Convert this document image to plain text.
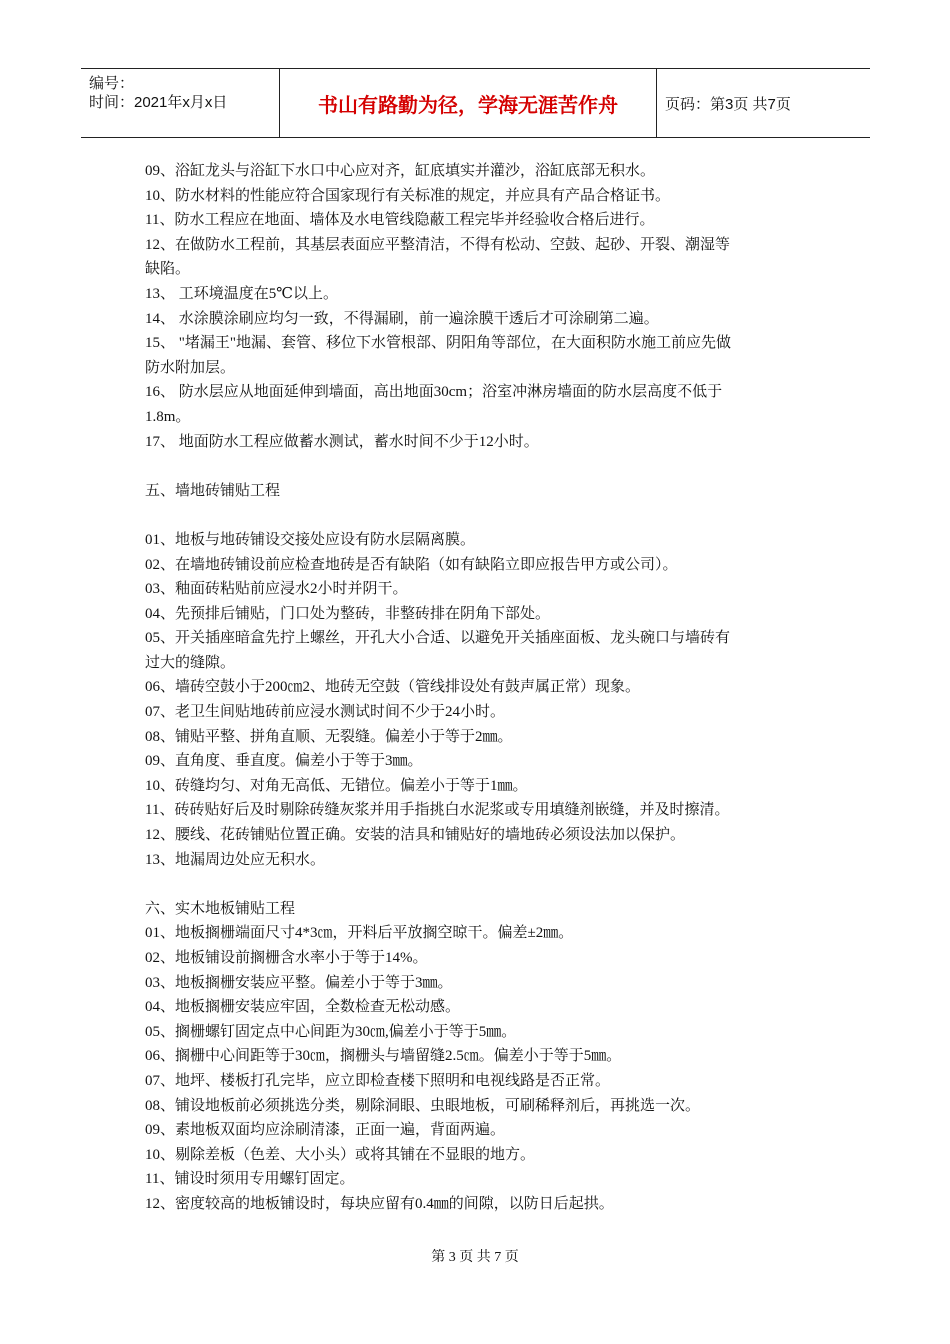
编号：
时间：2021年x月x日	书山有路勤为径，学海无涯苦作舟	页码：第3页 共7页

09、浴缸龙头与浴缸下水口中心应对齐，缸底填实并灌沙，浴缸底部无积水。

10、防水材料的性能应符合国家现行有关标准的规定，并应具有产品合格证书。

11、防水工程应在地面、墙体及水电管线隐蔽工程完毕并经验收合格后进行。

12、在做防水工程前，其基层表面应平整清洁，不得有松动、空鼓、起砂、开裂、潮湿等

缺陷。

13、 工环境温度在5℃以上。

14、 水涂膜涂刷应均匀一致，不得漏刷，前一遍涂膜干透后才可涂刷第二遍。

15、 "堵漏王"地漏、套管、移位下水管根部、阴阳角等部位，在大面积防水施工前应先做

防水附加层。

16、 防水层应从地面延伸到墙面，高出地面30cm；浴室冲淋房墙面的防水层高度不低于

1.8m。

17、 地面防水工程应做蓄水测试，蓄水时间不少于12小时。

五、墙地砖铺贴工程

01、地板与地砖铺设交接处应设有防水层隔离膜。

02、在墙地砖铺设前应检查地砖是否有缺陷（如有缺陷立即应报告甲方或公司）。

03、釉面砖粘贴前应浸水2小时并阴干。

04、先预排后铺贴，门口处为整砖，非整砖排在阴角下部处。

05、开关插座暗盒先拧上螺丝，开孔大小合适、以避免开关插座面板、龙头碗口与墙砖有

过大的缝隙。

06、墙砖空鼓小于200㎝2、地砖无空鼓（管线排设处有鼓声属正常）现象。

07、老卫生间贴地砖前应浸水测试时间不少于24小时。

08、铺贴平整、拼角直顺、无裂缝。偏差小于等于2㎜。

09、直角度、垂直度。偏差小于等于3㎜。

10、砖缝均匀、对角无高低、无错位。偏差小于等于1㎜。

11、砖砖贴好后及时剔除砖缝灰浆并用手指挑白水泥浆或专用填缝剂嵌缝，并及时擦清。

12、腰线、花砖铺贴位置正确。安装的洁具和铺贴好的墙地砖必须设法加以保护。

13、地漏周边处应无积水。

六、实木地板铺贴工程

01、地板搁栅端面尺寸4*3㎝，开料后平放搁空晾干。偏差±2㎜。

02、地板铺设前搁栅含水率小于等于14%。

03、地板搁栅安装应平整。偏差小于等于3㎜。

04、地板搁栅安装应牢固，全数检查无松动感。

05、搁栅螺钉固定点中心间距为30㎝,偏差小于等于5㎜。

06、搁栅中心间距等于30㎝，搁栅头与墙留缝2.5㎝。偏差小于等于5㎜。

07、地坪、楼板打孔完毕，应立即检查楼下照明和电视线路是否正常。

08、铺设地板前必须挑选分类，剔除洞眼、虫眼地板，可刷稀释剂后，再挑选一次。

09、素地板双面均应涂刷清漆，正面一遍，背面两遍。

10、剔除差板（色差、大小头）或将其铺在不显眼的地方。

11、铺设时须用专用螺钉固定。

12、密度较高的地板铺设时，每块应留有0.4㎜的间隙，以防日后起拱。

第 3 页 共 7 页
